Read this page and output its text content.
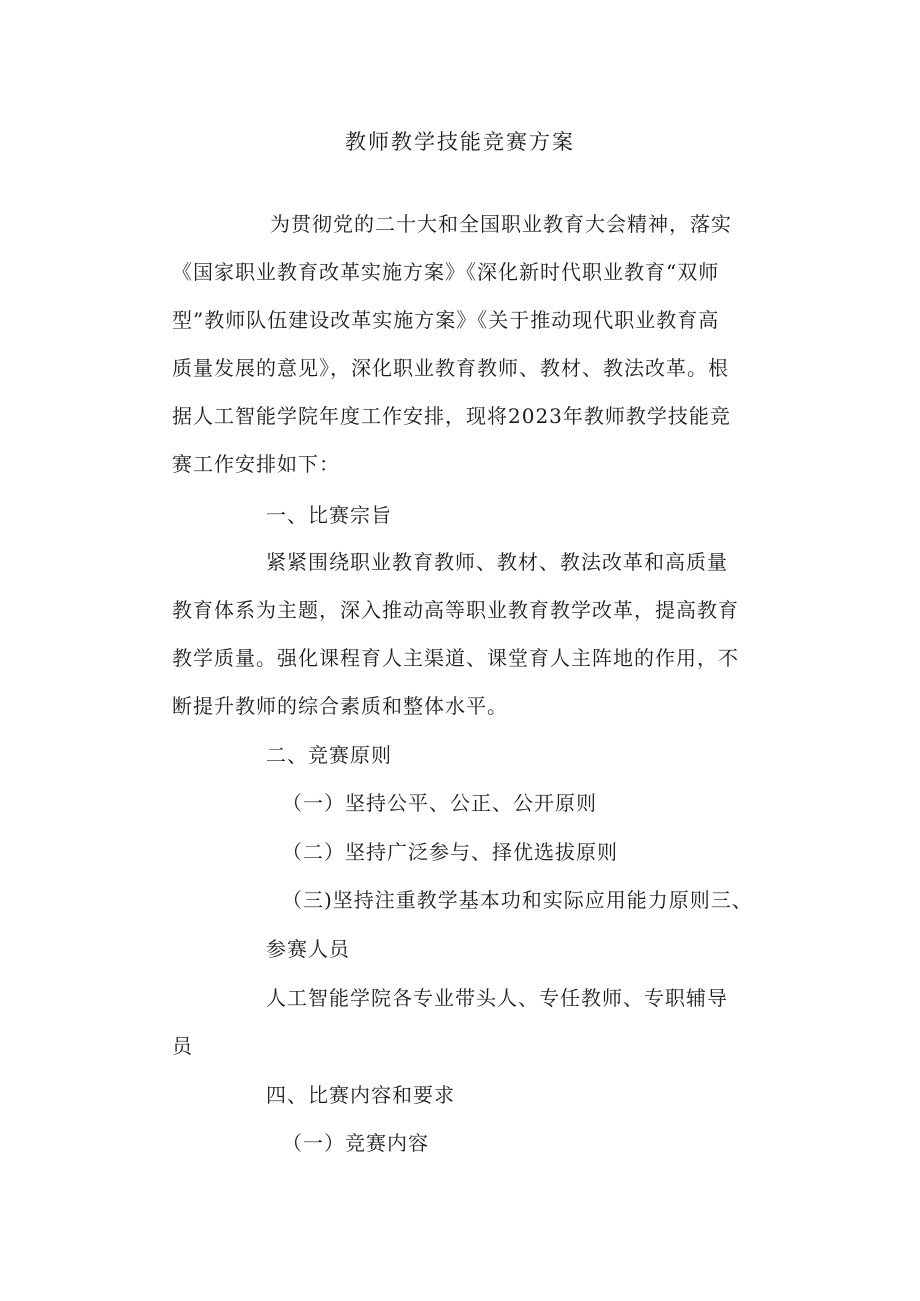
教师教学技能竞赛方案
为贯彻党的二十大和全国职业教育大会精神，落实
《国家职业教育改革实施方案》《深化新时代职业教育“双师
型”教师队伍建设改革实施方案》《关于推动现代职业教育高
质量发展的意见》，深化职业教育教师、教材、教法改革。根
据人工智能学院年度工作安排，现将2023年教师教学技能竞
赛工作安排如下：
一、比赛宗旨
紧紧围绕职业教育教师、教材、教法改革和高质量
教育体系为主题，深入推动高等职业教育教学改革，提高教育
教学质量。强化课程育人主渠道、课堂育人主阵地的作用，不
断提升教师的综合素质和整体水平。
二、竞赛原则
（一）坚持公平、公正、公开原则
（二）坚持广泛参与、择优选拔原则
（三)坚持注重教学基本功和实际应用能力原则三、
参赛人员
人工智能学院各专业带头人、专任教师、专职辅导
员
四、比赛内容和要求
（一）竞赛内容
